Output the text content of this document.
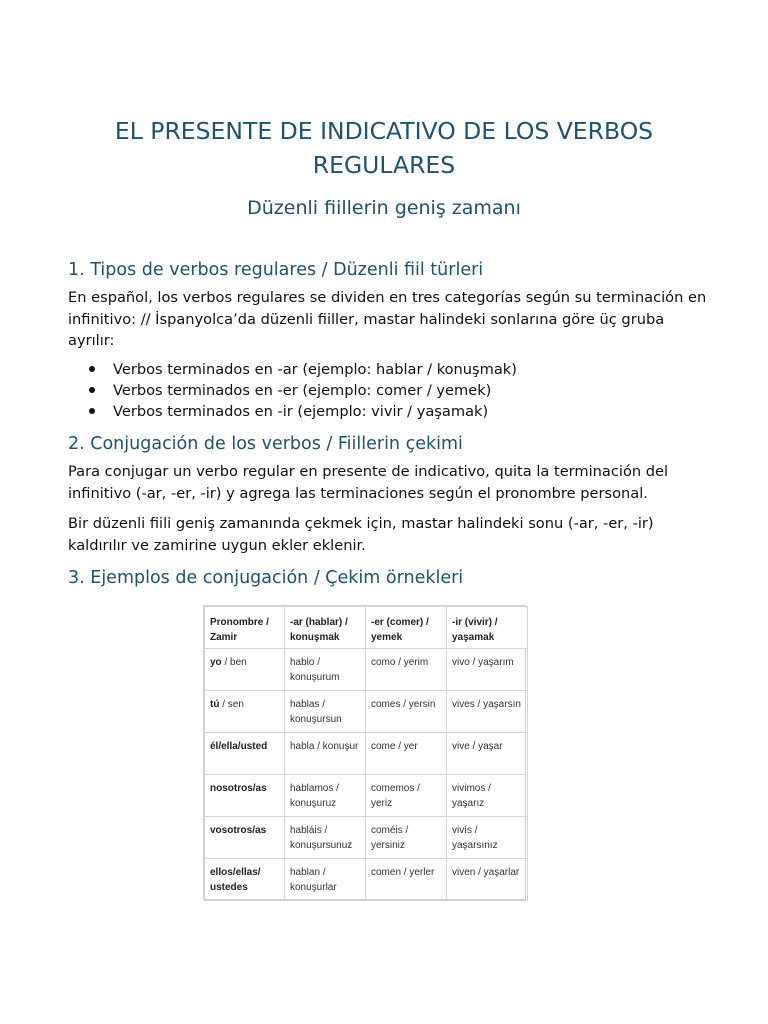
EL PRESENTE DE INDICATIVO DE LOS VERBOS REGULARES

Düzenli fiillerin geniş zamanı

1. Tipos de verbos regulares / Düzenli fiil türleri

En español, los verbos regulares se dividen en tres categorías según su terminación en infinitivo: // İspanyolca’da düzenli fiiller, mastar halindeki sonlarına göre üç gruba ayrılır:

Verbos terminados en -ar (ejemplo: hablar / konuşmak)
Verbos terminados en -er (ejemplo: comer / yemek)
Verbos terminados en -ir (ejemplo: vivir / yaşamak)
2. Conjugación de los verbos / Fiillerin çekimi

Para conjugar un verbo regular en presente de indicativo, quita la terminación del infinitivo (-ar, -er, -ir) y agrega las terminaciones según el pronombre personal.

Bir düzenli fiili geniş zamanında çekmek için, mastar halindeki sonu (-ar, -er, -ir) kaldırılır ve zamirine uygun ekler eklenir.

3. Ejemplos de conjugación / Çekim örnekleri
Pronombre / Zamir	-ar (hablar) / konuşmak	-er (comer) / yemek	-ir (vivir) / yaşamak
yo / ben	hablo / konuşurum	como / yerim	vivo / yaşarım
tú / sen	hablas / konuşursun	comes / yersin	vives / yaşarsın
él/ella/usted	habla / konuşur	come / yer	vive / yaşar
nosotros/as	hablamos / konuşuruz	comemos / yeriz	vivimos / yaşarız
vosotros/as	habláis / konuşursunuz	coméis / yersiniz	vivís / yaşarsınız
ellos/ellas/ ustedes	hablan / konuşurlar	comen / yerler	viven / yaşarlar
